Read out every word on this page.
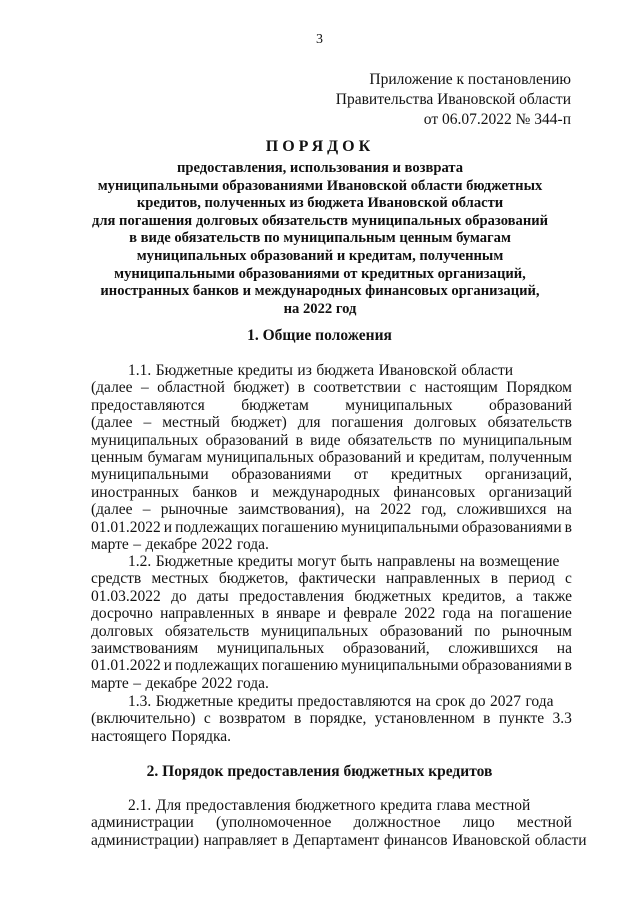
3
Приложение к постановлению
Правительства Ивановской области
от 06.07.2022 № 344-п
ПОРЯДОК
предоставления, использования и возврата
муниципальными образованиями Ивановской области бюджетных
кредитов, полученных из бюджета Ивановской области
для погашения долговых обязательств муниципальных образований
в виде обязательств по муниципальным ценным бумагам
муниципальных образований и кредитам, полученным
муниципальными образованиями от кредитных организаций,
иностранных банков и международных финансовых организаций,
на 2022 год
1. Общие положения
1.1. Бюджетные кредиты из бюджета Ивановской области
(далее – областной бюджет) в соответствии с настоящим Порядком
предоставляются бюджетам муниципальных образований
(далее – местный бюджет) для погашения долговых обязательств
муниципальных образований в виде обязательств по муниципальным
ценным бумагам муниципальных образований и кредитам, полученным
муниципальными образованиями от кредитных организаций,
иностранных банков и международных финансовых организаций
(далее – рыночные заимствования), на 2022 год, сложившихся на
01.01.2022 и подлежащих погашению муниципальными образованиями в
марте – декабре 2022 года.
1.2. Бюджетные кредиты могут быть направлены на возмещение
средств местных бюджетов, фактически направленных в период с
01.03.2022 до даты предоставления бюджетных кредитов, а также
досрочно направленных в январе и феврале 2022 года на погашение
долговых обязательств муниципальных образований по рыночным
заимствованиям муниципальных образований, сложившихся на
01.01.2022 и подлежащих погашению муниципальными образованиями в
марте – декабре 2022 года.
1.3. Бюджетные кредиты предоставляются на срок до 2027 года
(включительно) с возвратом в порядке, установленном в пункте 3.3
настоящего Порядка.
2. Порядок предоставления бюджетных кредитов
2.1. Для предоставления бюджетного кредита глава местной
администрации (уполномоченное должностное лицо местной
администрации) направляет в Департамент финансов Ивановской области
